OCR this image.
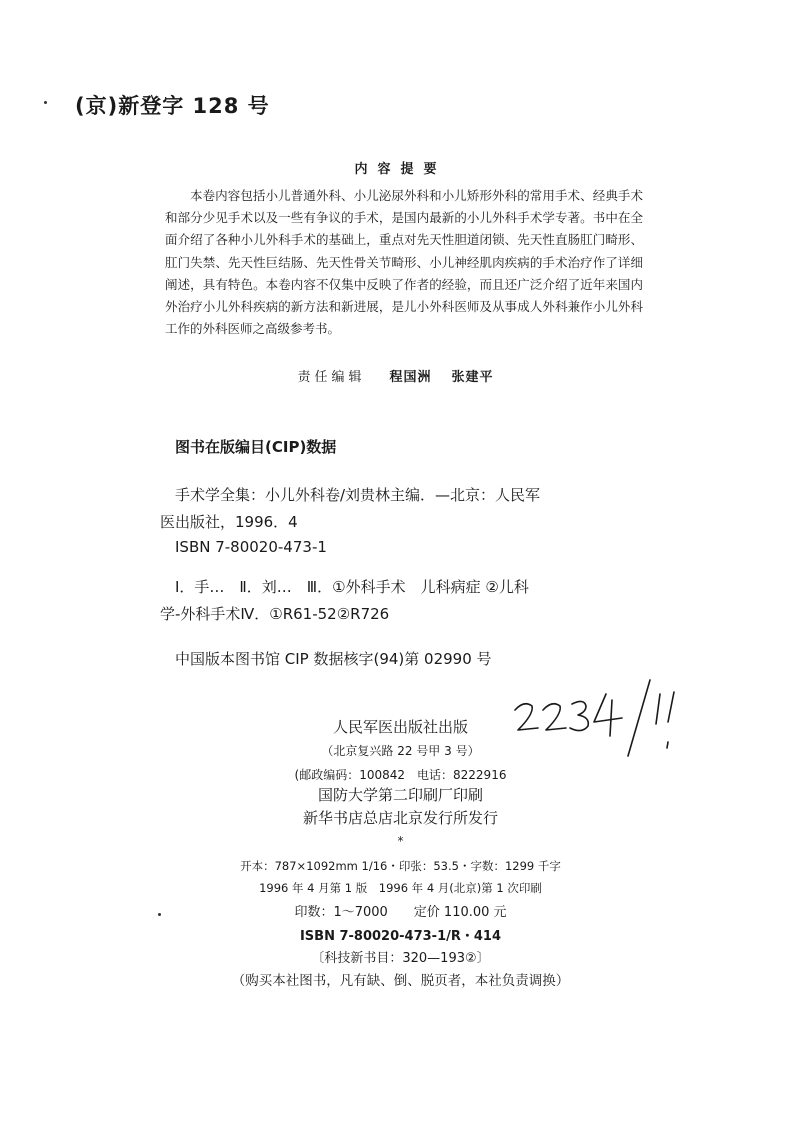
(京)新登字 128 号
内容提要
本卷内容包括小儿普通外科、小儿泌尿外科和小儿矫形外科的常用手术、经典手术和部分少见手术以及一些有争议的手术，是国内最新的小儿外科手术学专著。书中在全面介绍了各种小儿外科手术的基础上，重点对先天性胆道闭锁、先天性直肠肛门畸形、肛门失禁、先天性巨结肠、先天性骨关节畸形、小儿神经肌肉疾病的手术治疗作了详细阐述，具有特色。本卷内容不仅集中反映了作者的经验，而且还广泛介绍了近年来国内外治疗小儿外科疾病的新方法和新进展，是儿小外科医师及从事成人外科兼作小儿外科工作的外科医师之高级参考书。
责任编辑 程国洲 张建平
图书在版编目(CIP)数据
手术学全集：小儿外科卷/刘贵林主编．—北京：人民军
医出版社，1996．4
ISBN 7-80020-473-1
Ⅰ．手…　Ⅱ．刘…　Ⅲ．①外科手术　儿科病症 ②儿科
学-外科手术Ⅳ．①R61-52②R726
中国版本图书馆 CIP 数据核字(94)第 02990 号
人民军医出版社出版
（北京复兴路 22 号甲 3 号）
(邮政编码：100842　电话：8222916
国防大学第二印刷厂印刷
新华书店总店北京发行所发行
*
开本：787×1092mm 1/16・印张：53.5・字数：1299 千字
1996 年 4 月第 1 版　1996 年 4 月(北京)第 1 次印刷
印数：1～7000　　定价 110.00 元
ISBN 7-80020-473-1/R・414
〔科技新书目：320—193②〕
（购买本社图书，凡有缺、倒、脱页者，本社负责调换）
